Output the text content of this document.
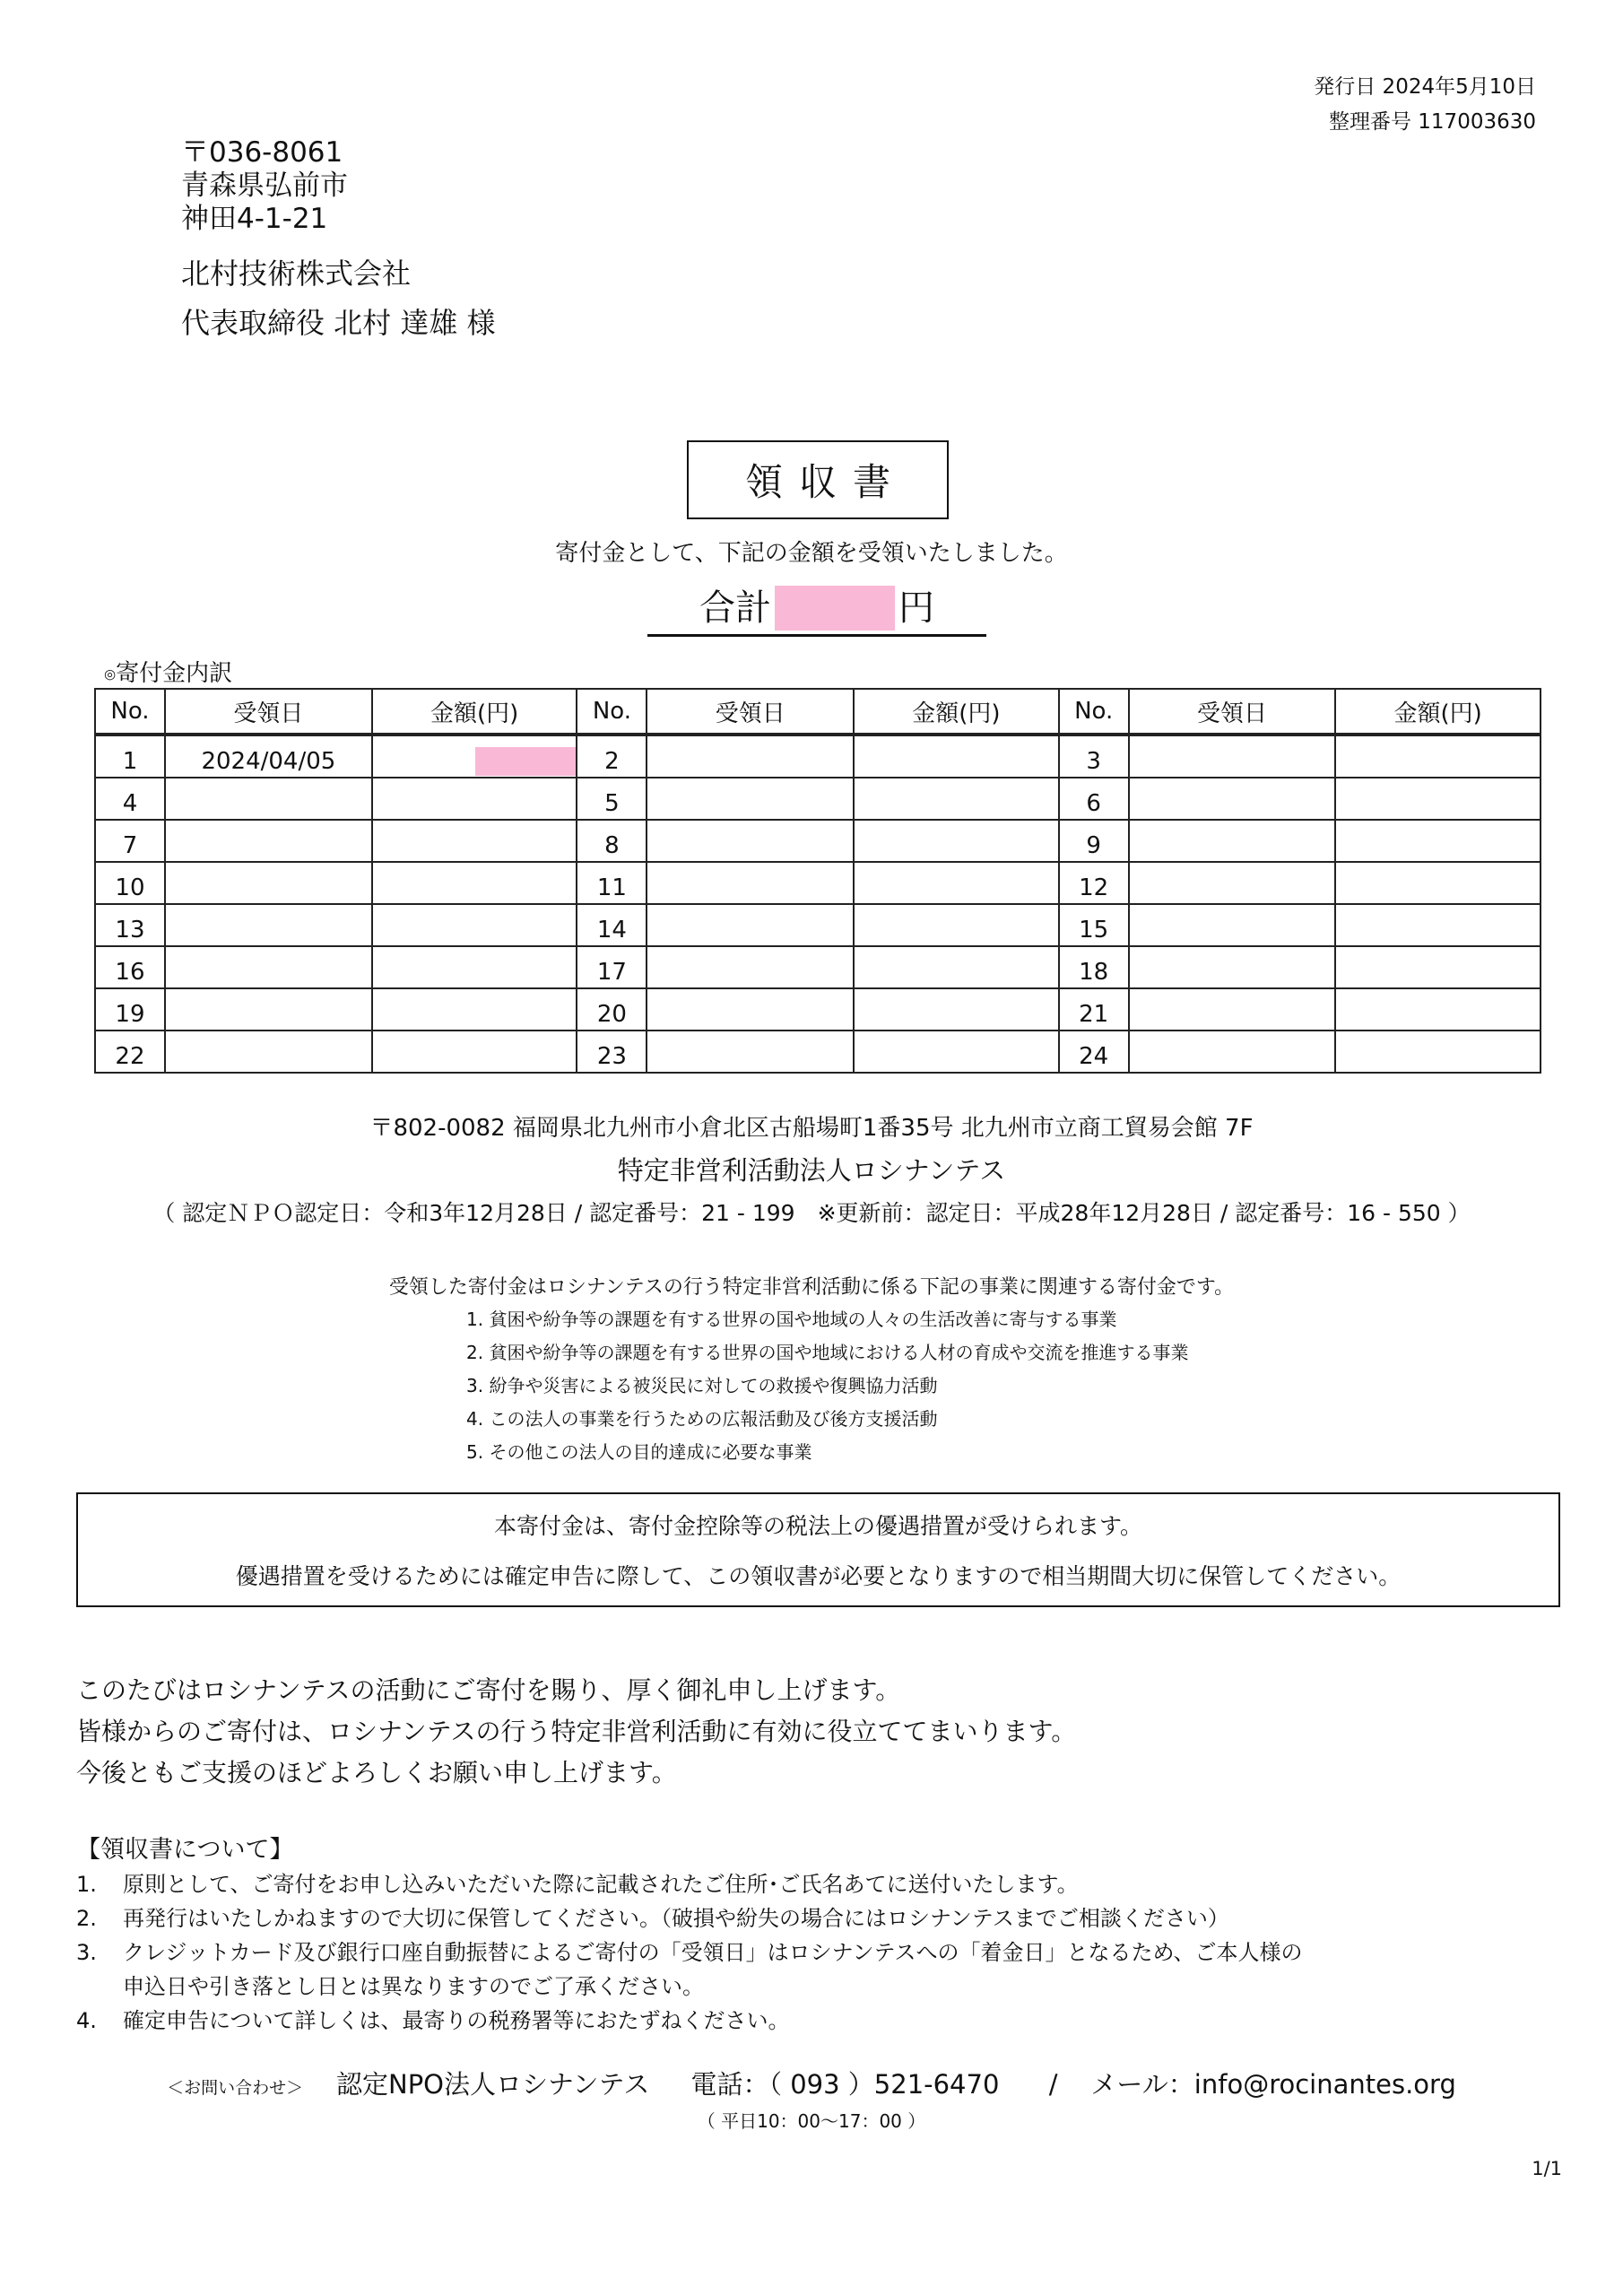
発行日 2024年5月10日
整理番号 117003630
〒036-8061
青森県弘前市
神田4-1-21
北村技術株式会社
代表取締役 北村 達雄 様
領収書
寄付金として、下記の金額を受領いたしました。
合計	円
◎寄付金内訳
No.	受領日	金額(円)	No.	受領日	金額(円)	No.	受領日	金額(円)
1	2024/04/05		2			3		
4			5			6		
7			8			9		
10			11			12		
13			14			15		
16			17			18		
19			20			21		
22			23			24		
〒802-0082 福岡県北九州市小倉北区古船場町1番35号 北九州市立商工貿易会館 7F
特定非営利活動法人ロシナンテス
（ 認定ＮＰＯ認定日：令和3年12月28日 / 認定番号：21 - 199　※更新前：認定日：平成28年12月28日 / 認定番号：16 - 550 ）
受領した寄付金はロシナンテスの行う特定非営利活動に係る下記の事業に関連する寄付金です。
1. 貧困や紛争等の課題を有する世界の国や地域の人々の生活改善に寄与する事業
2. 貧困や紛争等の課題を有する世界の国や地域における人材の育成や交流を推進する事業
3. 紛争や災害による被災民に対しての救援や復興協力活動
4. この法人の事業を行うための広報活動及び後方支援活動
5. その他この法人の目的達成に必要な事業
本寄付金は、寄付金控除等の税法上の優遇措置が受けられます。
優遇措置を受けるためには確定申告に際して、この領収書が必要となりますので相当期間大切に保管してください。
このたびはロシナンテスの活動にご寄付を賜り、厚く御礼申し上げます。
皆様からのご寄付は、ロシナンテスの行う特定非営利活動に有効に役立ててまいります。
今後ともご支援のほどよろしくお願い申し上げます。
【領収書について】
1.	原則として、ご寄付をお申し込みいただいた際に記載されたご住所･ご氏名あてに送付いたします。
2.	再発行はいたしかねますので大切に保管してください。（破損や紛失の場合にはロシナンテスまでご相談ください）
3.	クレジットカード及び銀行口座自動振替によるご寄付の「受領日」はロシナンテスへの「着金日」となるため、ご本人様の
申込日や引き落とし日とは異なりますのでご了承ください。
4.	確定申告について詳しくは、最寄りの税務署等におたずねください。
＜お問い合わせ＞ 認定NPO法人ロシナンテス 電話：（ 093 ）521-6470 / メール：info@rocinantes.org
（ 平日10：00～17：00 ）
1/1
